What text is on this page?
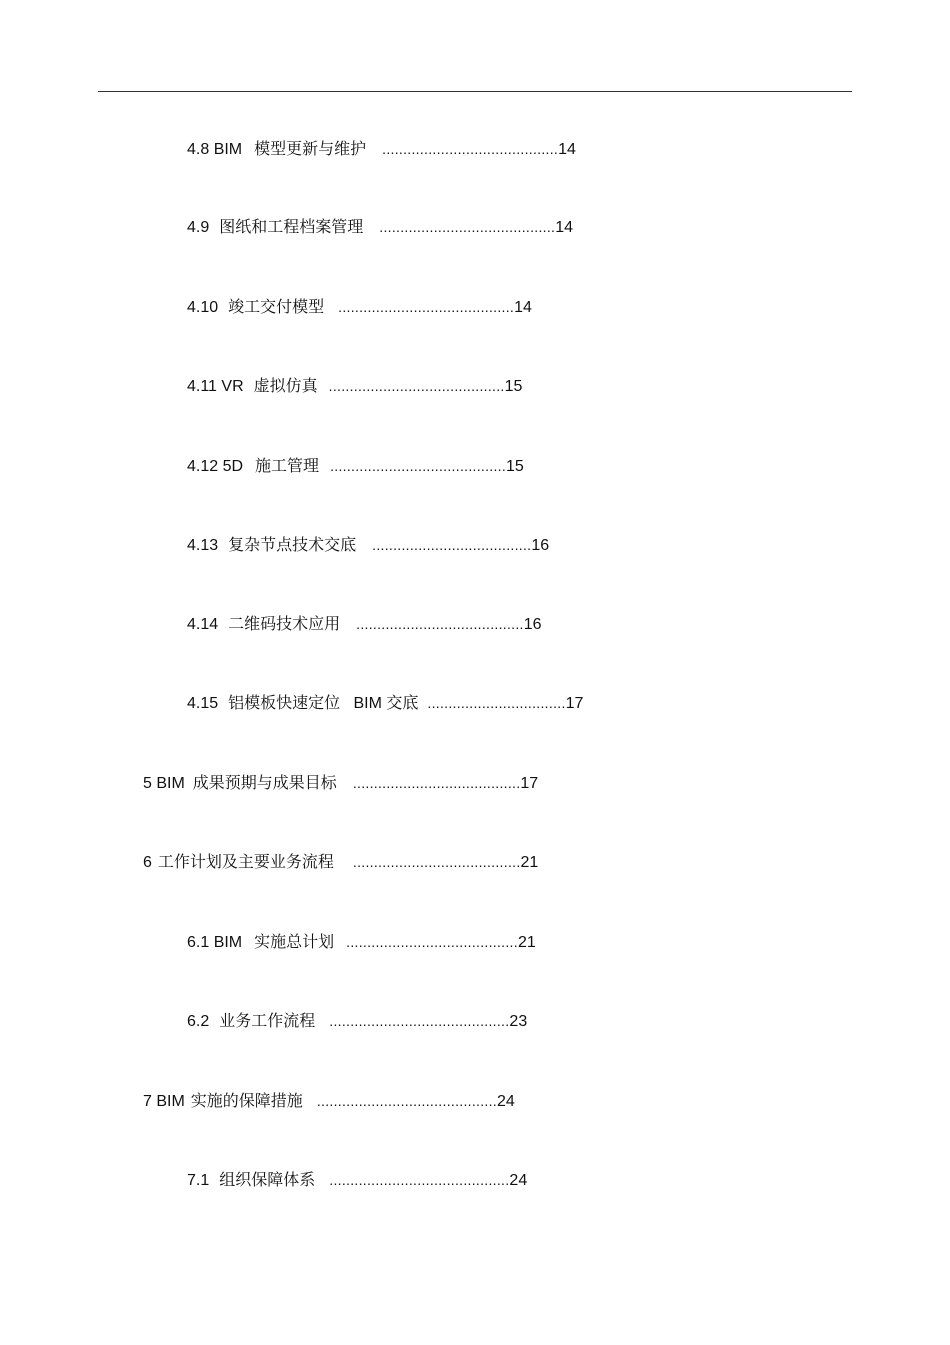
4.8 BIM 模型更新与维护 .......................................... 14
4.9 图纸和工程档案管理 .......................................... 14
4.10 竣工交付模型 .......................................... 14
4.11 VR 虚拟仿真 .......................................... 15
4.12 5D 施工管理 .......................................... 15
4.13 复杂节点技术交底 ...................................... 16
4.14 二维码技术应用 ........................................ 16
4.15 铝模板快速定位   BIM 交底 ................................. 17
5 BIM 成果预期与成果目标 ........................................ 17
6 工作计划及主要业务流程 ........................................ 21
6.1 BIM 实施总计划 ......................................... 21
6.2 业务工作流程 ........................................... 23
7 BIM 实施的保障措施 ........................................... 24
7.1 组织保障体系 ........................................... 24
